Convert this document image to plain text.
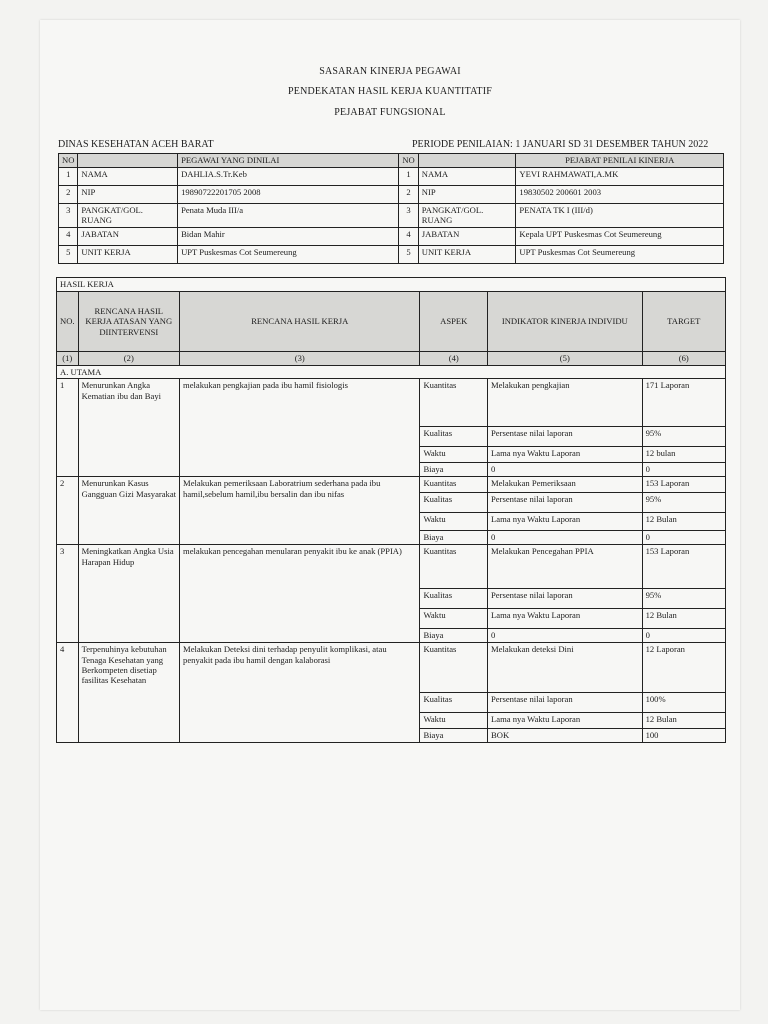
SASARAN KINERJA PEGAWAI
PENDEKATAN HASIL KERJA KUANTITATIF
PEJABAT FUNGSIONAL
DINAS KESEHATAN ACEH BARAT	PERIODE PENILAIAN: 1 JANUARI SD 31 DESEMBER TAHUN 2022
NO		PEGAWAI YANG DINILAI	NO		PEJABAT PENILAI KINERJA
1	NAMA	DAHLIA.S.Tr.Keb	1	NAMA	YEVI RAHMAWATI,A.MK
2	NIP	19890722201705 2008	2	NIP	19830502 200601 2003
3	PANGKAT/GOL. RUANG	Penata Muda III/a	3	PANGKAT/GOL. RUANG	PENATA TK I (III/d)
4	JABATAN	Bidan Mahir	4	JABATAN	Kepala UPT Puskesmas Cot Seumereung
5	UNIT KERJA	UPT Puskesmas Cot Seumereung	5	UNIT KERJA	UPT Puskesmas Cot Seumereung
HASIL KERJA					
NO.	RENCANA HASIL KERJA ATASAN YANG DIINTERVENSI	RENCANA HASIL KERJA	ASPEK	INDIKATOR KINERJA INDIVIDU	TARGET
(1)	(2)	(3)	(4)	(5)	(6)
A. UTAMA					
1	Menurunkan Angka Kematian ibu dan Bayi	melakukan pengkajian pada ibu hamil fisiologis	Kuantitas	Melakukan pengkajian	171 Laporan
			Kualitas	Persentase nilai laporan	95%
			Waktu	Lama nya Waktu Laporan	12 bulan
			Biaya	0	0
2	Menurunkan Kasus Gangguan Gizi Masyarakat	Melakukan pemeriksaan Laboratrium sederhana pada ibu hamil,sebelum hamil,ibu bersalin dan ibu nifas	Kuantitas	Melakukan Pemeriksaan	153 Laporan
			Kualitas	Persentase nilai laporan	95%
			Waktu	Lama nya Waktu Laporan	12 Bulan
			Biaya	0	0
3	Meningkatkan Angka Usia Harapan Hidup	melakukan pencegahan menularan penyakit ibu ke anak (PPIA)	Kuantitas	Melakukan Pencegahan PPIA	153 Laporan
			Kualitas	Persentase nilai laporan	95%
			Waktu	Lama nya Waktu Laporan	12 Bulan
			Biaya	0	0
4	Terpenuhinya kebutuhan Tenaga Kesehatan yang Berkompeten disetiap fasilitas Kesehatan	Melakukan Deteksi dini terhadap penyulit komplikasi, atau penyakit pada ibu hamil dengan kalaborasi	Kuantitas	Melakukan deteksi Dini	12 Laporan
			Kualitas	Persentase nilai laporan	100%
			Waktu	Lama nya Waktu Laporan	12 Bulan
			Biaya	BOK	100
